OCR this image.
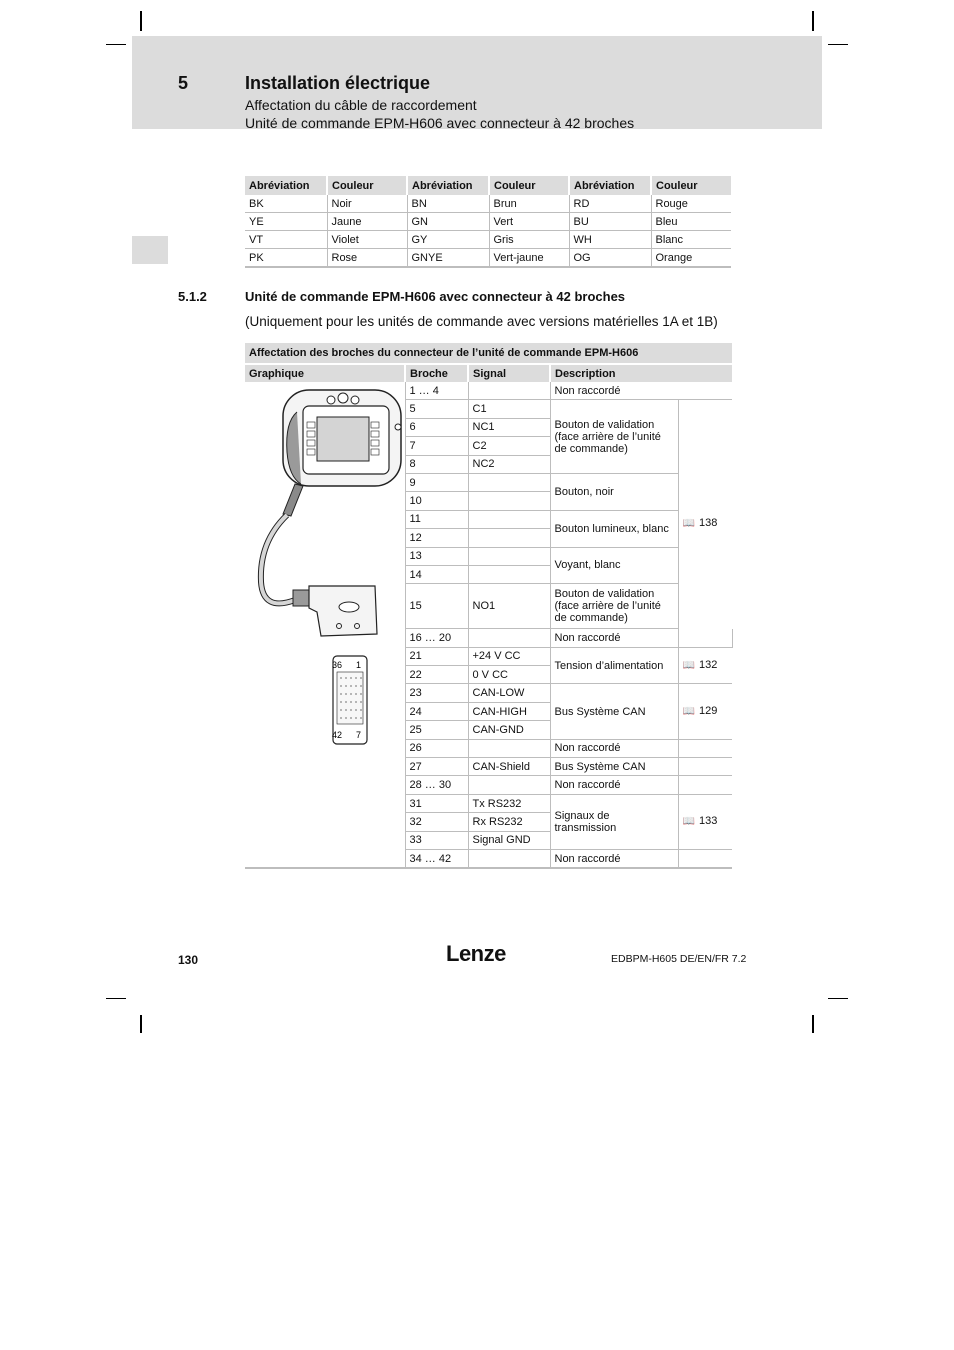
5	Installation électrique
Affectation du câble de raccordement
Unité de commande EPM-H606 avec connecteur à 42 broches
Abréviation	Couleur	Abréviation	Couleur	Abréviation	Couleur
BK	Noir	BN	Brun	RD	Rouge
YE	Jaune	GN	Vert	BU	Bleu
VT	Violet	GY	Gris	WH	Blanc
PK	Rose	GNYE	Vert-jaune	OG	Orange
5.1.2	Unité de commande EPM-H606 avec connecteur à 42 broches
(Uniquement pour les unités de commande avec versions matérielles 1A et 1B)
Affectation des broches du connecteur de l’unité de commande EPM-H606					
Graphique	Broche	Signal	Description		

36 1
42 7	1 … 4		Non raccordé		
	5	C1	Bouton de validation (face arrière de l’unité de commande)	📖 138	
	6	NC1			
	7	C2			
	8	NC2			
	9		Bouton, noir		
	10				
	11		Bouton lumineux, blanc		
	12				
	13		Voyant, blanc		
	14				
	15	NO1	Bouton de validation (face arrière de l’unité de commande)		
	16 … 20		Non raccordé		
	21	+24 V CC	Tension d’alimentation	📖 132	
	22	0 V CC			
	23	CAN-LOW	Bus Système CAN	📖 129	
	24	CAN-HIGH			
	25	CAN-GND			
	26		Non raccordé		
	27	CAN-Shield	Bus Système CAN		
	28 … 30		Non raccordé		
	31	Tx RS232	Signaux de transmission	📖 133	
	32	Rx RS232			
	33	Signal GND			
	34 … 42		Non raccordé		
130	Lenze	EDBPM-H605 DE/EN/FR 7.2
